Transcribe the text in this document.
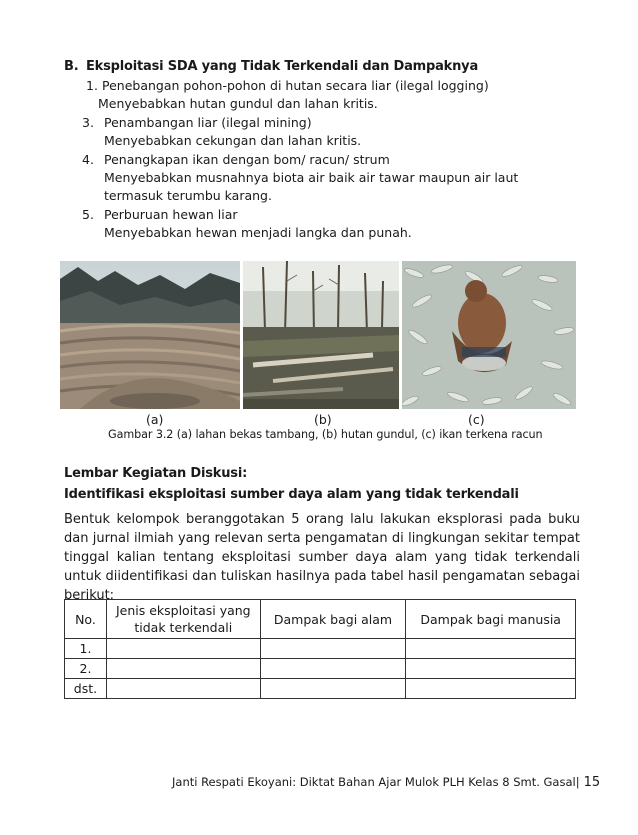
B. Eksploitasi SDA yang Tidak Terkendali dan Dampaknya
1. Penebangan pohon-pohon di hutan secara liar (ilegal logging)
Menyebabkan hutan gundul dan lahan kritis.
3. Penambangan liar (ilegal mining)
Menyebabkan cekungan dan lahan kritis.
4. Penangkapan ikan dengan bom/ racun/ strum
Menyebabkan musnahnya biota air baik air tawar maupun air laut
termasuk terumbu karang.
5. Perburuan hewan liar
Menyebabkan hewan menjadi langka dan punah.
(a)	(b)	(c)
Gambar 3.2 (a) lahan bekas tambang, (b) hutan gundul, (c) ikan terkena racun
Lembar Kegiatan Diskusi:
Identifikasi eksploitasi sumber daya alam yang tidak terkendali
Bentuk kelompok beranggotakan 5 orang lalu lakukan eksplorasi pada buku dan jurnal ilmiah yang relevan serta pengamatan di lingkungan sekitar tempat tinggal kalian tentang eksploitasi sumber daya alam yang tidak terkendali untuk diidentifikasi dan tuliskan hasilnya pada tabel hasil pengamatan sebagai berikut:
No.	Jenis eksploitasi yang tidak terkendali	Dampak bagi alam	Dampak bagi manusia
1.			
2.			
dst.			
Janti Respati Ekoyani: Diktat Bahan Ajar Mulok PLH Kelas 8 Smt. Gasal| 15
